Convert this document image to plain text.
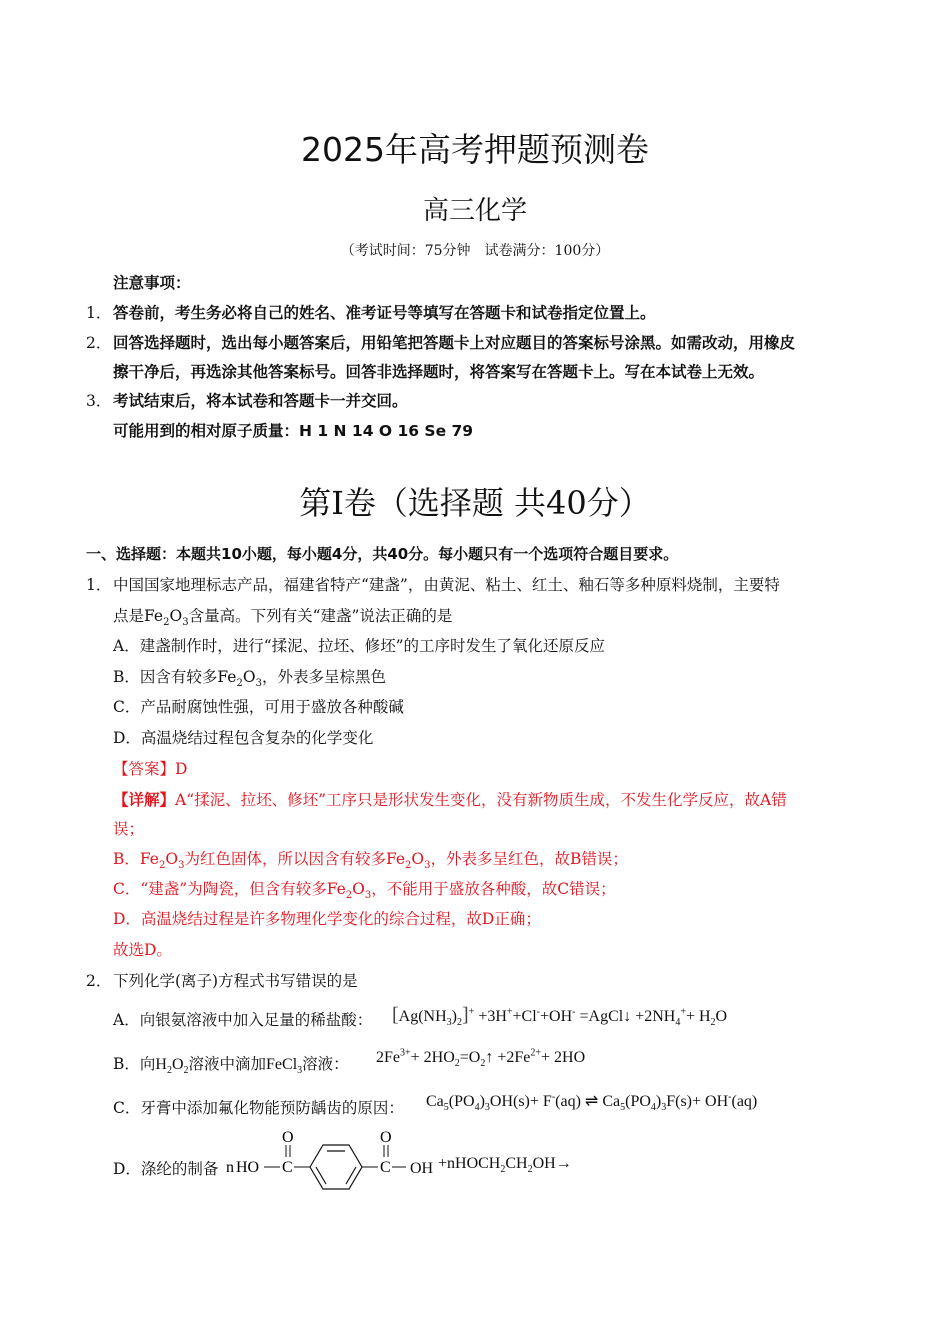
2025年高考押题预测卷
高三化学
（考试时间：75分钟　试卷满分：100分）
注意事项：
1． 答卷前，考生务必将自己的姓名、准考证号等填写在答题卡和试卷指定位置上。
2． 回答选择题时，选出每小题答案后，用铅笔把答题卡上对应题目的答案标号涂黑。如需改动，用橡皮
擦干净后，再选涂其他答案标号。回答非选择题时，将答案写在答题卡上。写在本试卷上无效。
3． 考试结束后，将本试卷和答题卡一并交回。
可能用到的相对原子质量：H 1 N 14 O 16 Se 79
第Ⅰ卷（选择题 共40分）
一、选择题：本题共10小题，每小题4分，共40分。每小题只有一个选项符合题目要求。
1． 中国国家地理标志产品，福建省特产“建盏”，由黄泥、粘土、红土、釉石等多种原料烧制，主要特
点是$Fe_2O_3$含量高。下列有关“建盏”说法正确的是
A．建盏制作时，进行“揉泥、拉坯、修坯”的工序时发生了氧化还原反应
B．因含有较多$Fe_2O_3$，外表多呈棕黑色
C．产品耐腐蚀性强，可用于盛放各种酸碱
D．高温烧结过程包含复杂的化学变化
【答案】D
【详解】A“揉泥、拉坯、修坯”工序只是形状发生变化，没有新物质生成，不发生化学反应，故A错
误；
B．$Fe_2O_3$为红色固体，所以因含有较多$Fe_2O_3$，外表多呈红色，故B错误；
C．“建盏”为陶瓷，但含有较多$Fe_2O_3$，不能用于盛放各种酸，故C错误；
D．高温烧结过程是许多物理化学变化的综合过程，故D正确；
故选D。
2． 下列化学(离子)方程式书写错误的是
A．向银氨溶液中加入足量的稀盐酸： $[Ag(NH_3)_2]^+ +3H^++Cl^-+OH^-$ =AgCl↓ $+2NH_4^++ H_2O$
B．向$H_2O_2$溶液中滴加FeCl$_3$溶液： $2Fe^{3+}+$ $2HO_2=O_2↑ +2Fe^{2+}+ 2HO$
C．牙膏中添加氟化物能预防龋齿的原因： $Ca_5(PO_4)_3OH(s)+ F^-(aq)$ ⇌ $Ca_5(PO_4)_3F(s)+ OH^-(aq)$
D．涤纶的制备 n HO C
O
C
O
OH $+nHOCH_2CH_2OH\to$
